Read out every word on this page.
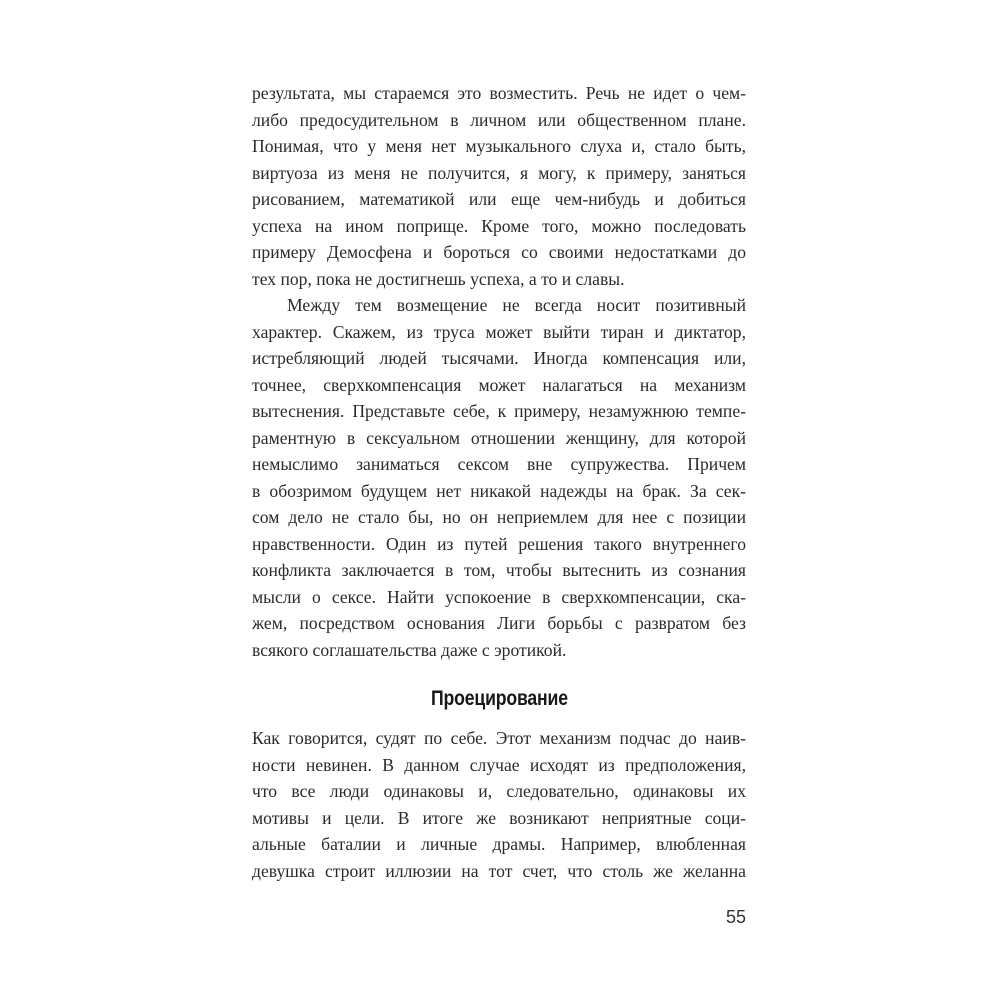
результата, мы стараемся это возместить. Речь не идет о чем-
либо предосудительном в личном или общественном плане.
Понимая, что у меня нет музыкального слуха и, стало быть,
виртуоза из меня не получится, я могу, к примеру, заняться
рисованием, математикой или еще чем-нибудь и добиться
успеха на ином поприще. Кроме того, можно последовать
примеру Демосфена и бороться со своими недостатками до
тех пор, пока не достигнешь успеха, а то и славы.
Между тем возмещение не всегда носит позитивный
характер. Скажем, из труса может выйти тиран и диктатор,
истребляющий людей тысячами. Иногда компенсация или,
точнее, сверхкомпенсация может налагаться на механизм
вытеснения. Представьте себе, к примеру, незамужнюю темпе-
раментную в сексуальном отношении женщину, для которой
немыслимо заниматься сексом вне супружества. Причем
в обозримом будущем нет никакой надежды на брак. За сек-
сом дело не стало бы, но он неприемлем для нее с позиции
нравственности. Один из путей решения такого внутреннего
конфликта заключается в том, чтобы вытеснить из сознания
мысли о сексе. Найти успокоение в сверхкомпенсации, ска-
жем, посредством основания Лиги борьбы с развратом без
всякого соглашательства даже с эротикой.
Проецирование
Как говорится, судят по себе. Этот механизм подчас до наив-
ности невинен. В данном случае исходят из предположения,
что все люди одинаковы и, следовательно, одинаковы их
мотивы и цели. В итоге же возникают неприятные соци-
альные баталии и личные драмы. Например, влюбленная
девушка строит иллюзии на тот счет, что столь же желанна
55
